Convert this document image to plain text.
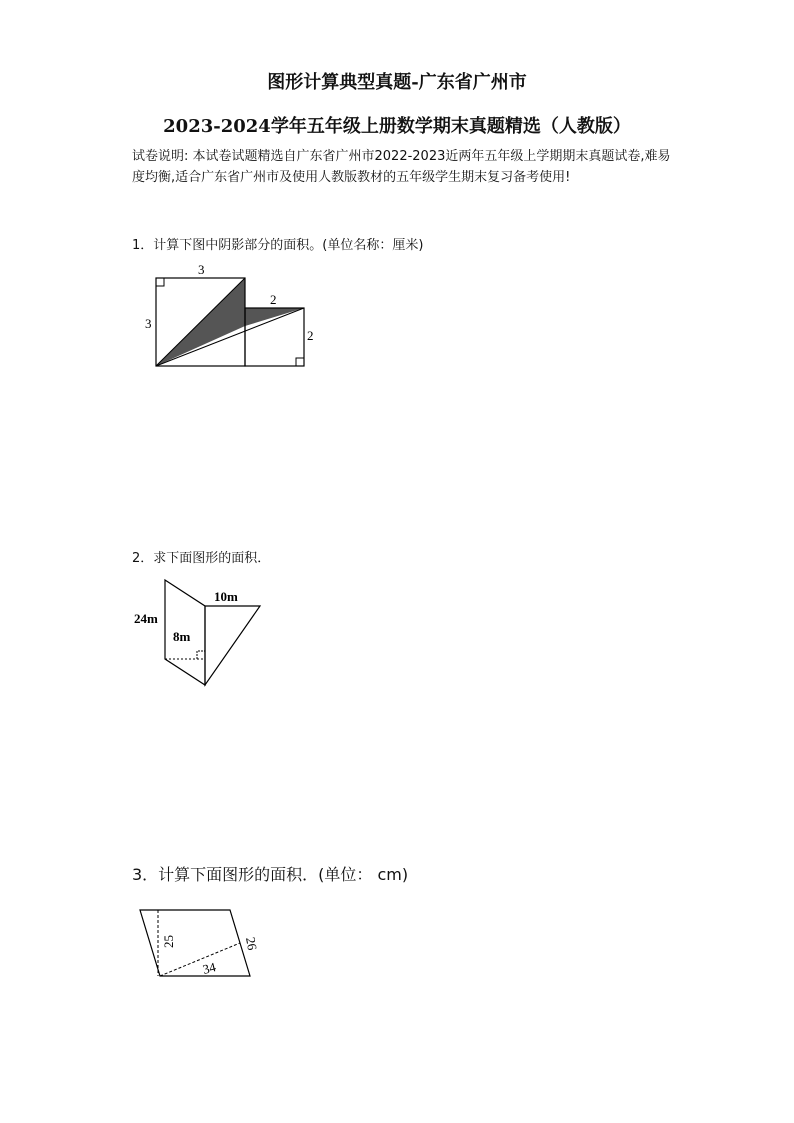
图形计算典型真题-广东省广州市
2023-2024学年五年级上册数学期末真题精选（人教版）
试卷说明: 本试卷试题精选自广东省广州市2022-2023近两年五年级上学期期末真题试卷,难易度均衡,适合广东省广州市及使用人教版教材的五年级学生期末复习备考使用!
1．计算下图中阴影部分的面积。(单位名称：厘米)
3
3
2
2
2．求下面图形的面积．
10m
24m
8m
3．计算下面图形的面积．(单位： cm)
25	26
34
